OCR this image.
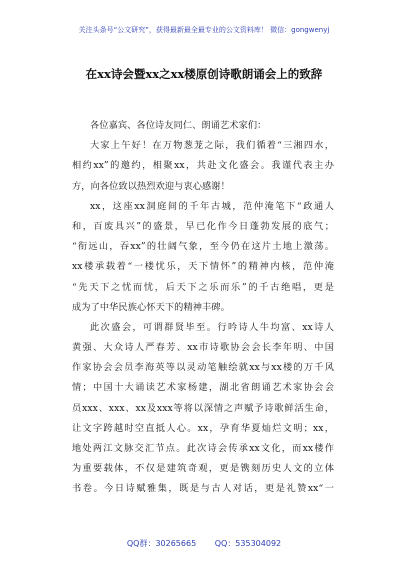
关注头条号“公文研究”，获得最新最全最专业的公文资料库！ 微信：gongwenyj
在xx诗会暨xx之xx楼原创诗歌朗诵会上的致辞
各位嘉宾、各位诗友同仁、朗诵艺术家们：
大家上午好！在万物葱茏之际，我们循着“三湘四水，
相约xx”的邀约，相聚xx，共赴文化盛会。我谨代表主办
方，向各位致以热烈欢迎与衷心感谢！
xx，这座xx洞庭间的千年古城，范仲淹笔下“政通人
和，百废具兴”的盛景，早已化作今日蓬勃发展的底气；
“衔远山，吞xx”的壮阔气象，至今仍在这片土地上激荡。
xx楼承载着“一楼忧乐，天下情怀”的精神内核，范仲淹
“先天下之忧而忧，后天下之乐而乐”的千古绝唱，更是
成为了中华民族心怀天下的精神丰碑。
此次盛会，可谓群贤毕至。行吟诗人牛均富、xx诗人
黄强、大众诗人严春芳、xx市诗歌协会会长李年明、中国
作家协会会员李海英等以灵动笔触绘就xx与xx楼的万千风
情；中国十大诵读艺术家杨建，湖北省朗诵艺术家协会会
员xxx、xxx、xx及xxx等将以深情之声赋予诗歌鲜活生命，
让文字跨越时空直抵人心。xx，孕育华夏灿烂文明；xx，
地处两江文脉交汇节点。此次诗会传承xx文化，而xx楼作
为重要载体，不仅是建筑奇观，更是镌刻历史人文的立体
书卷。今日诗赋雅集，既是与古人对话，更是礼赞xx“一
QQ群：30265665 QQ：535304092
